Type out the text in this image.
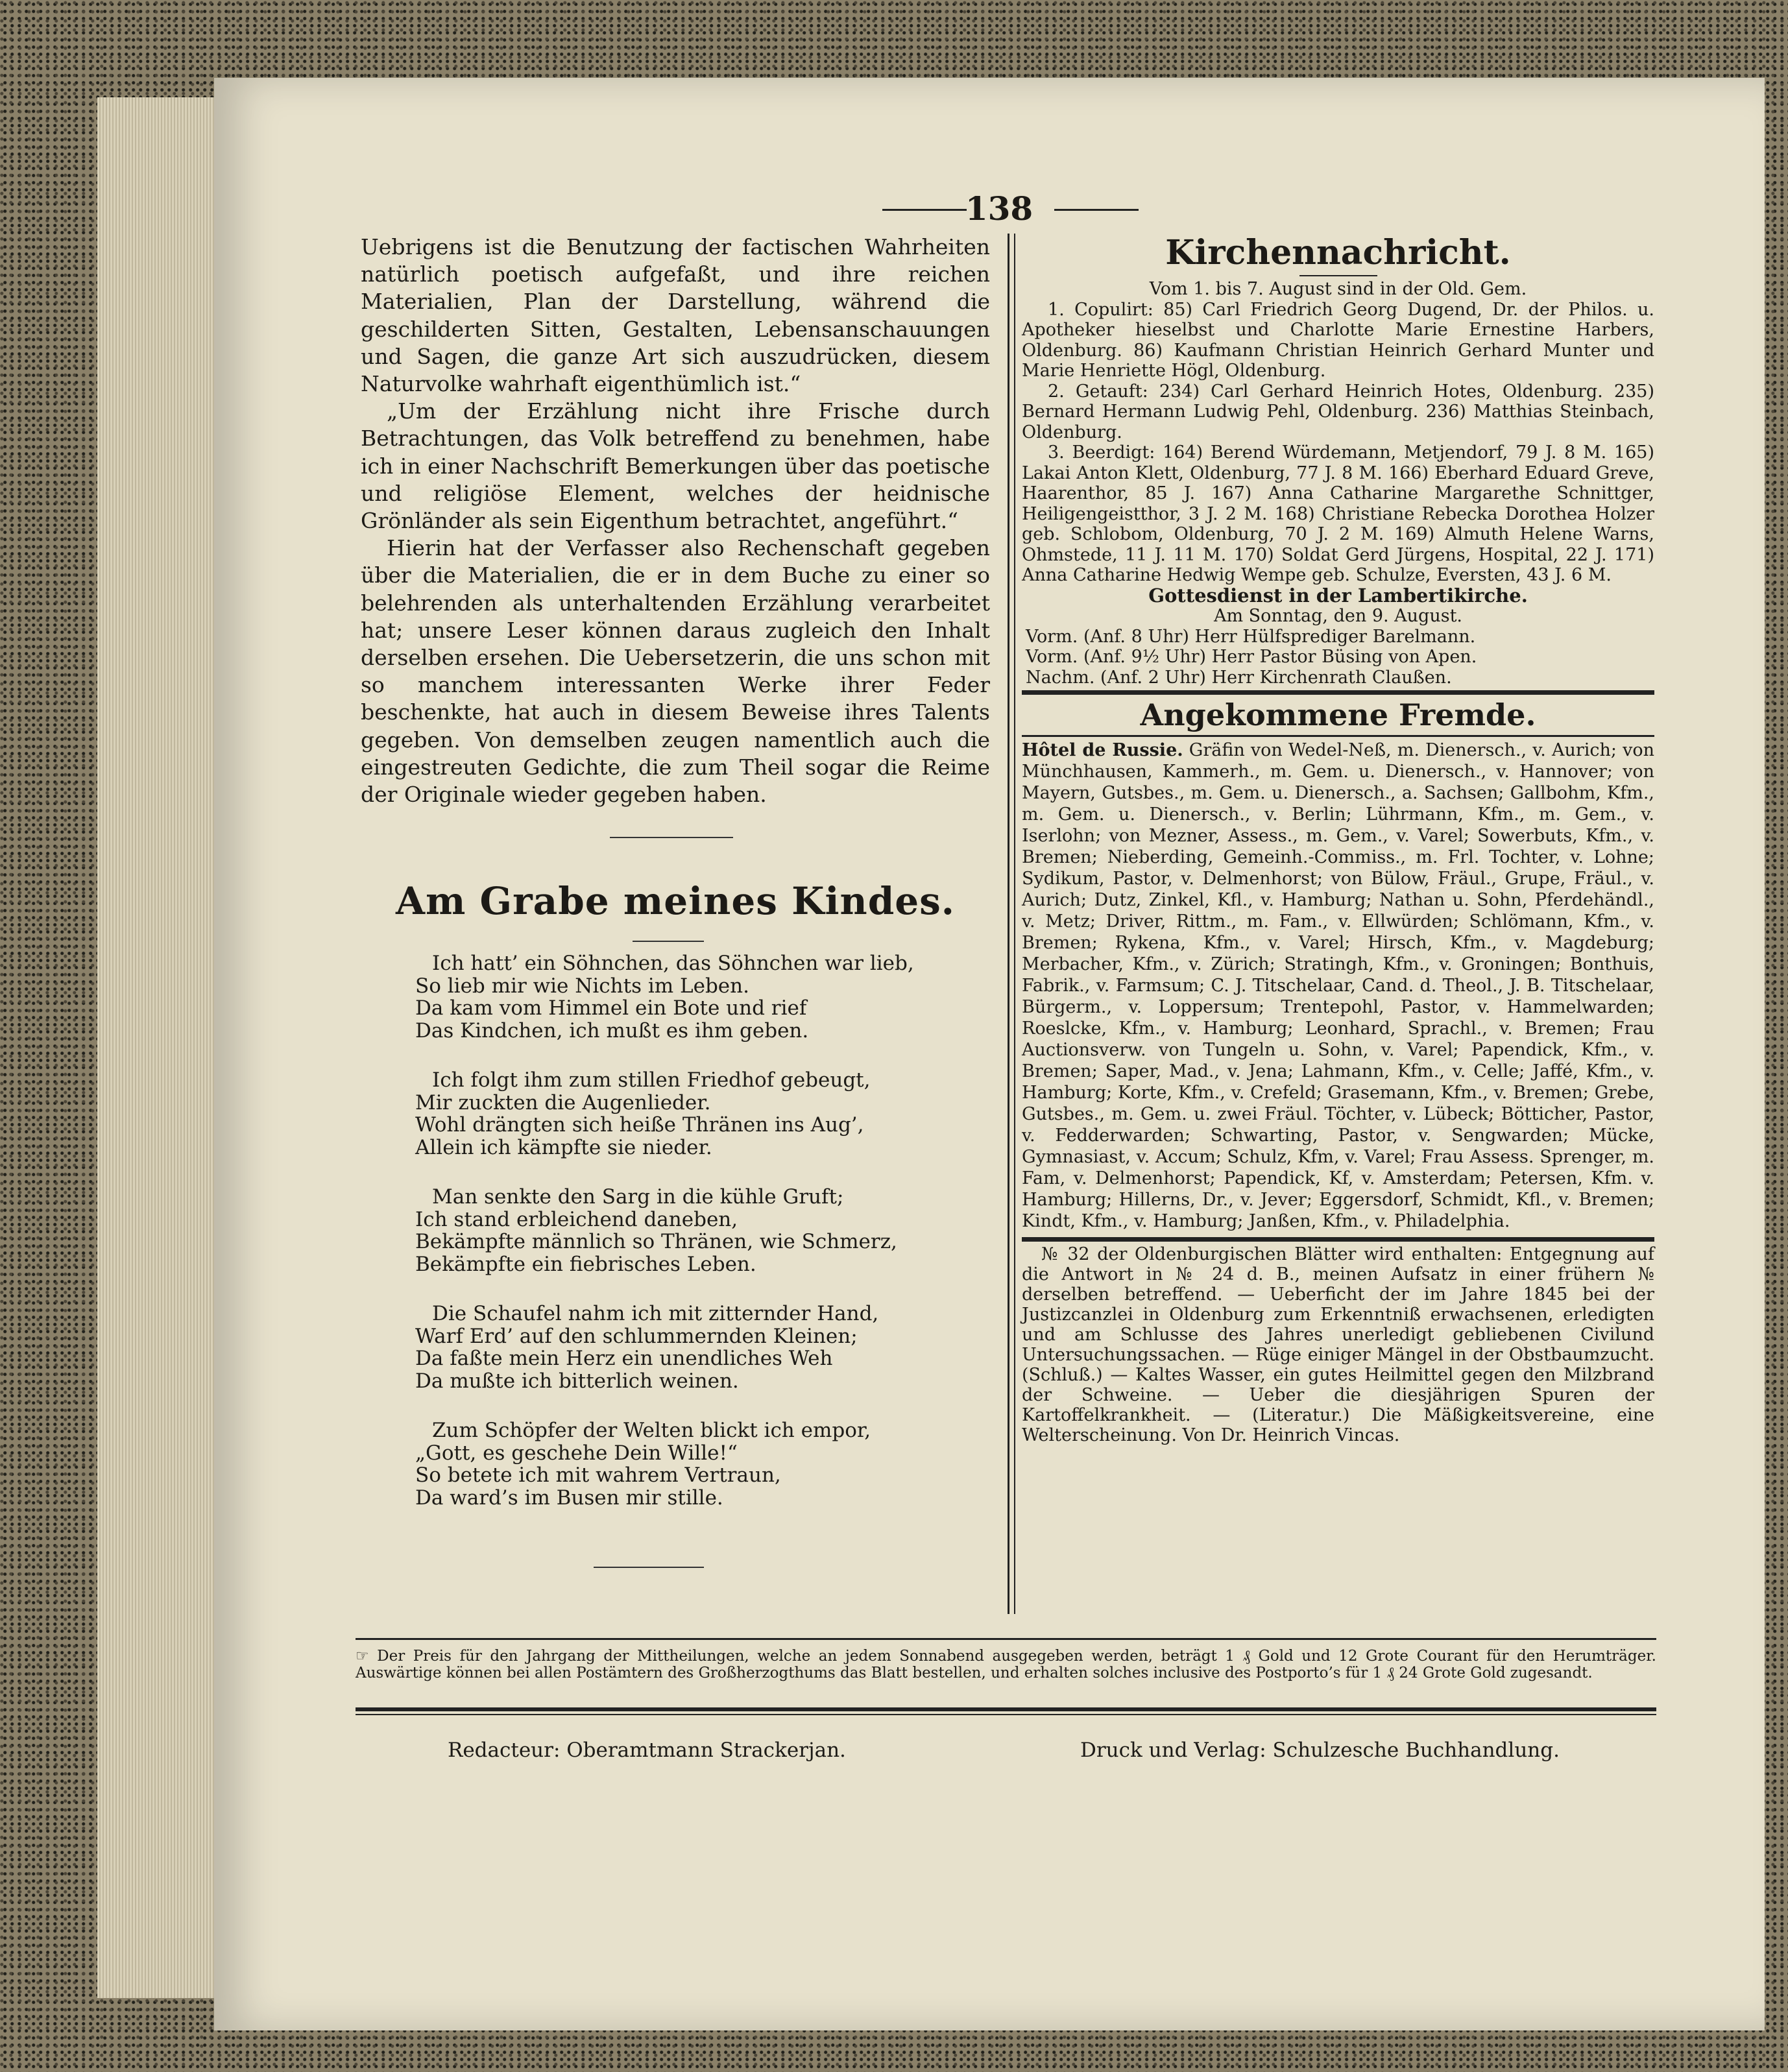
138

Uebrigens ist die Benutzung der factischen Wahrheiten natürlich poetisch aufgefaßt, und ihre reichen Materialien, Plan der Darstellung, während die geschilderten Sitten, Gestalten, Lebensanschauungen und Sagen, die ganze Art sich auszudrücken, diesem Naturvolke wahrhaft eigenthümlich ist.“

„Um der Erzählung nicht ihre Frische durch Betrachtungen, das Volk betreffend zu benehmen, habe ich in einer Nachschrift Bemerkungen über das poetische und religiöse Element, welches der heidnische Grönländer als sein Eigenthum betrachtet, angeführt.“

Hierin hat der Verfasser also Rechenschaft gegeben über die Materialien, die er in dem Buche zu einer so belehrenden als unterhaltenden Erzählung verarbeitet hat; unsere Leser können daraus zugleich den Inhalt derselben ersehen. Die Uebersetzerin, die uns schon mit so manchem interessanten Werke ihrer Feder beschenkte, hat auch in diesem Beweise ihres Talents gegeben. Von demselben zeugen namentlich auch die eingestreuten Gedichte, die zum Theil sogar die Reime der Originale wieder gegeben haben.

Am Grabe meines Kindes.
Ich hatt’ ein Söhnchen, das Söhnchen war lieb,
So lieb mir wie Nichts im Leben.
Da kam vom Himmel ein Bote und rief
Das Kindchen, ich mußt es ihm geben.
Ich folgt ihm zum stillen Friedhof gebeugt,
Mir zuckten die Augenlieder.
Wohl drängten sich heiße Thränen ins Aug’,
Allein ich kämpfte sie nieder.
Man senkte den Sarg in die kühle Gruft;
Ich stand erbleichend daneben,
Bekämpfte männlich so Thränen, wie Schmerz,
Bekämpfte ein fiebrisches Leben.
Die Schaufel nahm ich mit zitternder Hand,
Warf Erd’ auf den schlummernden Kleinen;
Da faßte mein Herz ein unendliches Weh
Da mußte ich bitterlich weinen.
Zum Schöpfer der Welten blickt ich empor,
„Gott, es geschehe Dein Wille!“
So betete ich mit wahrem Vertraun,
Da ward’s im Busen mir stille.
Kirchennachricht.
Vom 1. bis 7. August sind in der Old. Gem.
1. Copulirt: 85) Carl Friedrich Georg Dugend, Dr. der Philos. u. Apotheker hieselbst und Charlotte Marie Ernestine Harbers, Oldenburg. 86) Kaufmann Christian Heinrich Gerhard Munter und Marie Henriette Högl, Oldenburg.
2. Getauft: 234) Carl Gerhard Heinrich Hotes, Oldenburg. 235) Bernard Hermann Ludwig Pehl, Oldenburg. 236) Matthias Steinbach, Oldenburg.
3. Beerdigt: 164) Berend Würdemann, Metjendorf, 79 J. 8 M. 165) Lakai Anton Klett, Oldenburg, 77 J. 8 M. 166) Eberhard Eduard Greve, Haarenthor, 85 J. 167) Anna Catharine Margarethe Schnittger, Heiligengeistthor, 3 J. 2 M. 168) Christiane Rebecka Dorothea Holzer geb. Schlobom, Oldenburg, 70 J. 2 M. 169) Almuth Helene Warns, Ohmstede, 11 J. 11 M. 170) Soldat Gerd Jürgens, Hospital, 22 J. 171) Anna Catharine Hedwig Wempe geb. Schulze, Eversten, 43 J. 6 M.
Gottesdienst in der Lambertikirche.
Am Sonntag, den 9. August.
Vorm. (Anf. 8 Uhr) Herr Hülfsprediger Barelmann.
Vorm. (Anf. 9½ Uhr) Herr Pastor Büsing von Apen.
Nachm. (Anf. 2 Uhr) Herr Kirchenrath Claußen.
Angekommene Fremde.
Hôtel de Russie. Gräfin von Wedel-Neß, m. Dienersch., v. Aurich; von Münchhausen, Kammerh., m. Gem. u. Dienersch., v. Hannover; von Mayern, Gutsbes., m. Gem. u. Dienersch., a. Sachsen; Gallbohm, Kfm., m. Gem. u. Dienersch., v. Berlin; Lührmann, Kfm., m. Gem., v. Iserlohn; von Mezner, Assess., m. Gem., v. Varel; Sowerbuts, Kfm., v. Bremen; Nieberding, Gemeinh.-Commiss., m. Frl. Tochter, v. Lohne; Sydikum, Pastor, v. Delmenhorst; von Bülow, Fräul., Grupe, Fräul., v. Aurich; Dutz, Zinkel, Kfl., v. Hamburg; Nathan u. Sohn, Pferdehändl., v. Metz; Driver, Rittm., m. Fam., v. Ellwürden; Schlömann, Kfm., v. Bremen; Rykena, Kfm., v. Varel; Hirsch, Kfm., v. Magdeburg; Merbacher, Kfm., v. Zürich; Stratingh, Kfm., v. Groningen; Bonthuis, Fabrik., v. Farmsum; C. J. Titschelaar, Cand. d. Theol., J. B. Titschelaar, Bürgerm., v. Loppersum; Trentepohl, Pastor, v. Hammelwarden; Roeslcke, Kfm., v. Hamburg; Leonhard, Sprachl., v. Bremen; Frau Auctionsverw. von Tungeln u. Sohn, v. Varel; Papendick, Kfm., v. Bremen; Saper, Mad., v. Jena; Lahmann, Kfm., v. Celle; Jaffé, Kfm., v. Hamburg; Korte, Kfm., v. Crefeld; Grasemann, Kfm., v. Bremen; Grebe, Gutsbes., m. Gem. u. zwei Fräul. Töchter, v. Lübeck; Bötticher, Pastor, v. Fedderwarden; Schwarting, Pastor, v. Sengwarden; Mücke, Gymnasiast, v. Accum; Schulz, Kfm, v. Varel; Frau Assess. Sprenger, m. Fam, v. Delmenhorst; Papendick, Kf, v. Amsterdam; Petersen, Kfm. v. Hamburg; Hillerns, Dr., v. Jever; Eggersdorf, Schmidt, Kfl., v. Bremen; Kindt, Kfm., v. Hamburg; Janßen, Kfm., v. Philadelphia.
№ 32 der Oldenburgischen Blätter wird enthalten: Entgegnung auf die Antwort in № 24 d. B., meinen Aufsatz in einer frühern № derselben betreffend. — Ueberficht der im Jahre 1845 bei der Justizcanzlei in Oldenburg zum Erkenntniß erwachsenen, erledigten und am Schlusse des Jahres unerledigt gebliebenen Civilund Untersuchungssachen. — Rüge einiger Mängel in der Obstbaumzucht. (Schluß.) — Kaltes Wasser, ein gutes Heilmittel gegen den Milzbrand der Schweine. — Ueber die diesjährigen Spuren der Kartoffelkrankheit. — (Literatur.) Die Mäßigkeitsvereine, eine Welterscheinung. Von Dr. Heinrich Vincas.
☞ Der Preis für den Jahrgang der Mittheilungen, welche an jedem Sonnabend ausgegeben werden, beträgt 1 ₰ Gold und 12 Grote Courant für den Herumträger. Auswärtige können bei allen Postämtern des Großherzogthums das Blatt bestellen, und erhalten solches inclusive des Postporto’s für 1 ₰ 24 Grote Gold zugesandt.
Redacteur: Oberamtmann Strackerjan.	Druck und Verlag: Schulzesche Buchhandlung.
